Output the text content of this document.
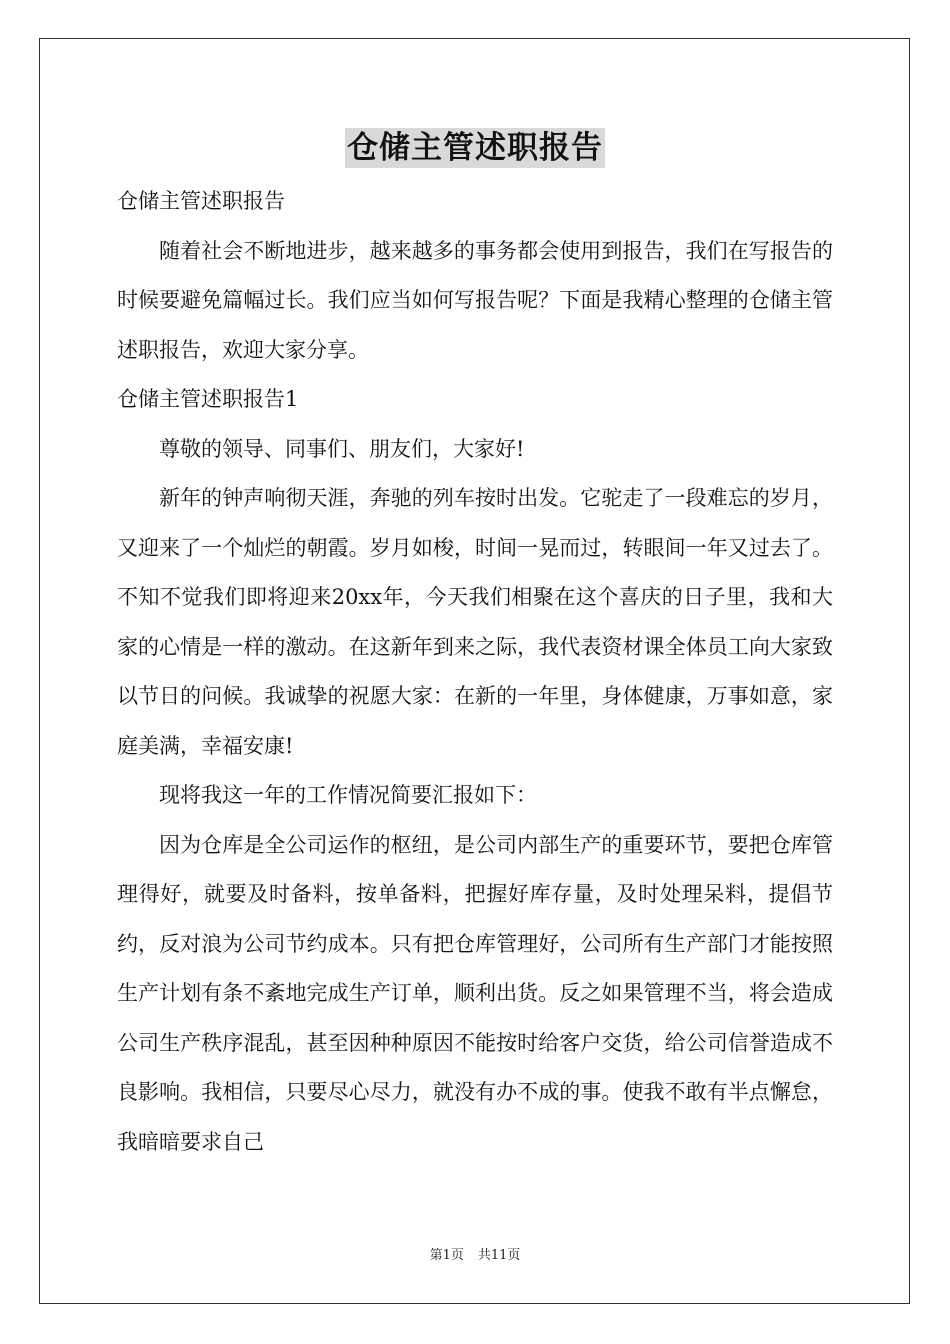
仓储主管述职报告

仓储主管述职报告

随着社会不断地进步，越来越多的事务都会使用到报告，我们在写报告的时候要避免篇幅过长。我们应当如何写报告呢？下面是我精心整理的仓储主管述职报告，欢迎大家分享。

仓储主管述职报告1

尊敬的领导、同事们、朋友们，大家好!

新年的钟声响彻天涯，奔驰的列车按时出发。它驼走了一段难忘的岁月，又迎来了一个灿烂的朝霞。岁月如梭，时间一晃而过，转眼间一年又过去了。不知不觉我们即将迎来20xx年，今天我们相聚在这个喜庆的日子里，我和大家的心情是一样的激动。在这新年到来之际，我代表资材课全体员工向大家致以节日的问候。我诚挚的祝愿大家：在新的一年里，身体健康，万事如意，家庭美满，幸福安康!

现将我这一年的工作情况简要汇报如下：

因为仓库是全公司运作的枢纽，是公司内部生产的重要环节，要把仓库管理得好，就要及时备料，按单备料，把握好库存量，及时处理呆料，提倡节约，反对浪为公司节约成本。只有把仓库管理好，公司所有生产部门才能按照生产计划有条不紊地完成生产订单，顺利出货。反之如果管理不当，将会造成公司生产秩序混乱，甚至因种种原因不能按时给客户交货，给公司信誉造成不良影响。我相信，只要尽心尽力，就没有办不成的事。使我不敢有半点懈怠，我暗暗要求自己

第1页 共11页
